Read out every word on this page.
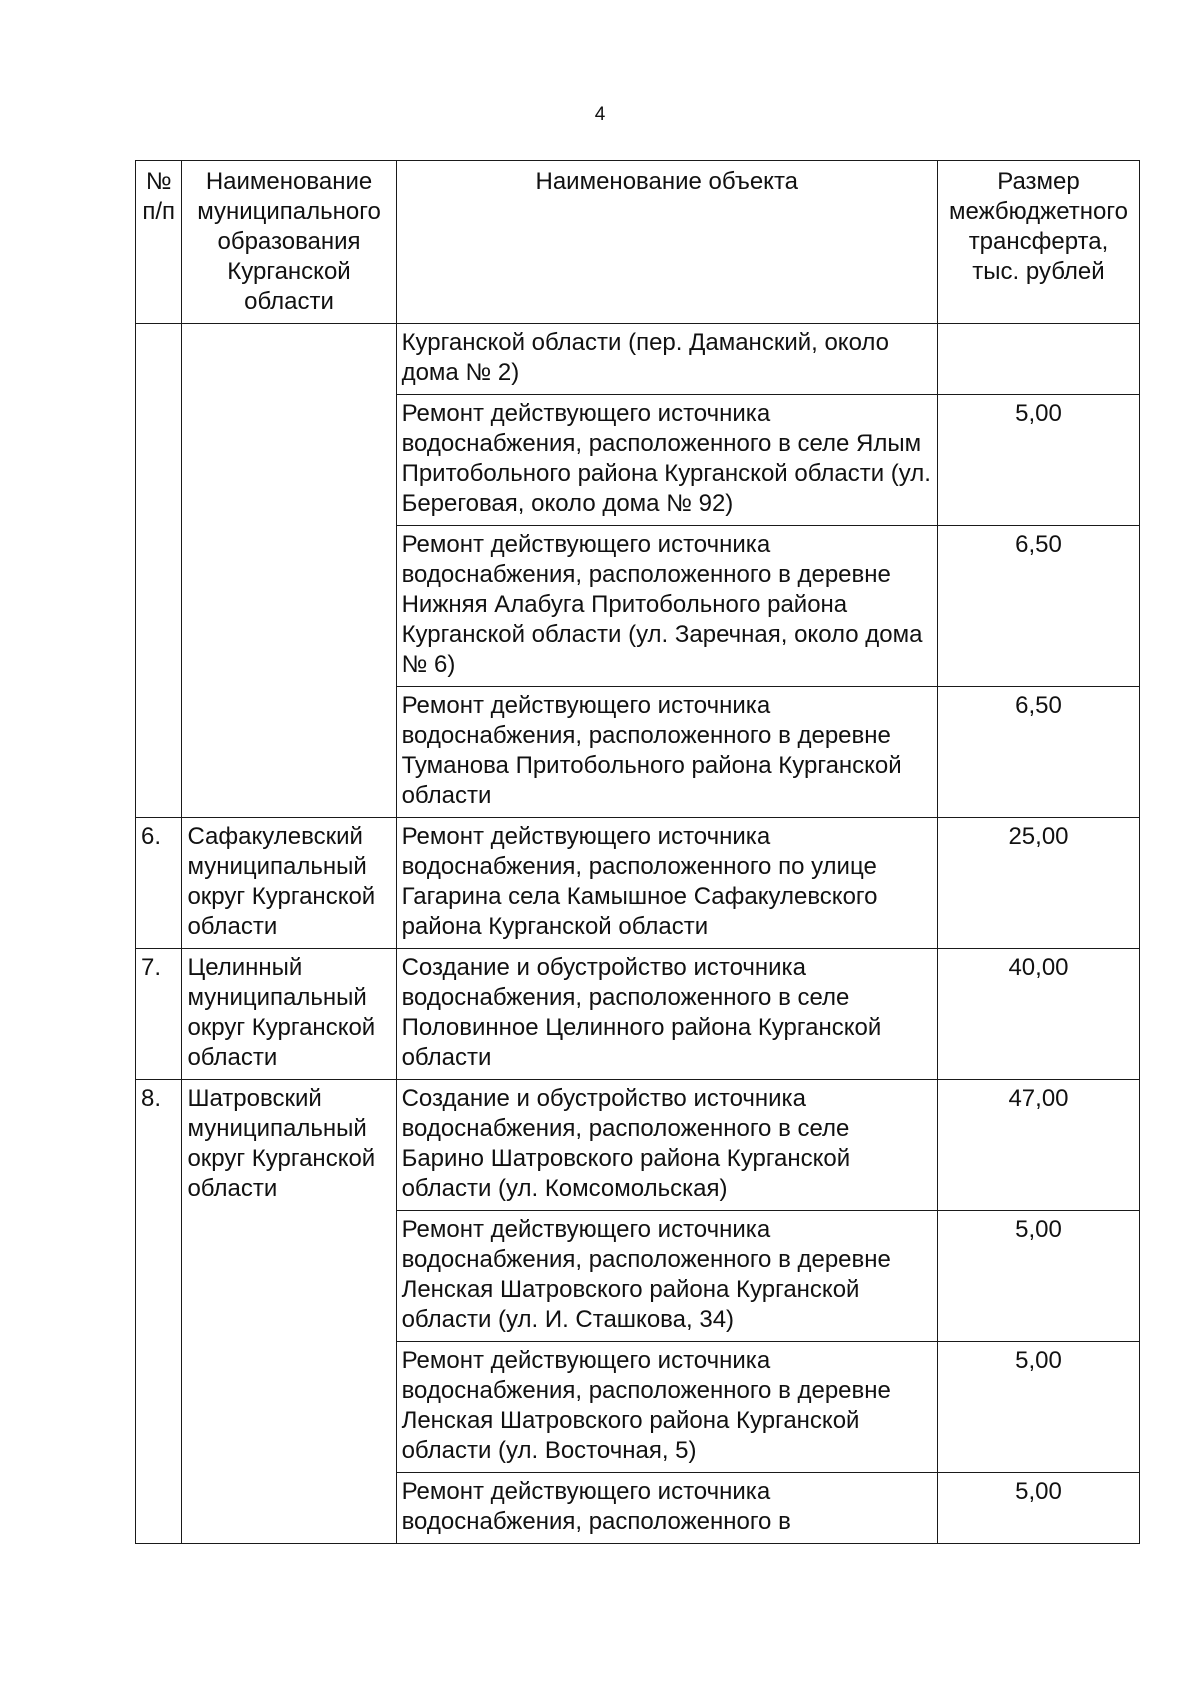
4
№ п/п	Наименование муниципального образования Курганской области	Наименование объекта	Размер межбюджетного трансферта, тыс. рублей
		Курганской области (пер. Даманский, около дома № 2)	
		Ремонт действующего источника водоснабжения, расположенного в селе Ялым Притобольного района Курганской области (ул. Береговая, около дома № 92)	5,00
		Ремонт действующего источника водоснабжения, расположенного в деревне Нижняя Алабуга Притобольного района Курганской области (ул. Заречная, около дома № 6)	6,50
		Ремонт действующего источника водоснабжения, расположенного в деревне Туманова Притобольного района Курганской области	6,50
6.	Сафакулевский муниципальный округ Курганской области	Ремонт действующего источника водоснабжения, расположенного по улице Гагарина села Камышное Сафакулевского района Курганской области	25,00
7.	Целинный муниципальный округ Курганской области	Создание и обустройство источника водоснабжения, расположенного в селе Половинное Целинного района Курганской области	40,00
8.	Шатровский муниципальный округ Курганской области	Создание и обустройство источника водоснабжения, расположенного в селе Барино Шатровского района Курганской области (ул. Комсомольская)	47,00
		Ремонт действующего источника водоснабжения, расположенного в деревне Ленская Шатровского района Курганской области (ул. И. Сташкова, 34)	5,00
		Ремонт действующего источника водоснабжения, расположенного в деревне Ленская Шатровского района Курганской области (ул. Восточная, 5)	5,00
		Ремонт действующего источника водоснабжения, расположенного в	5,00
